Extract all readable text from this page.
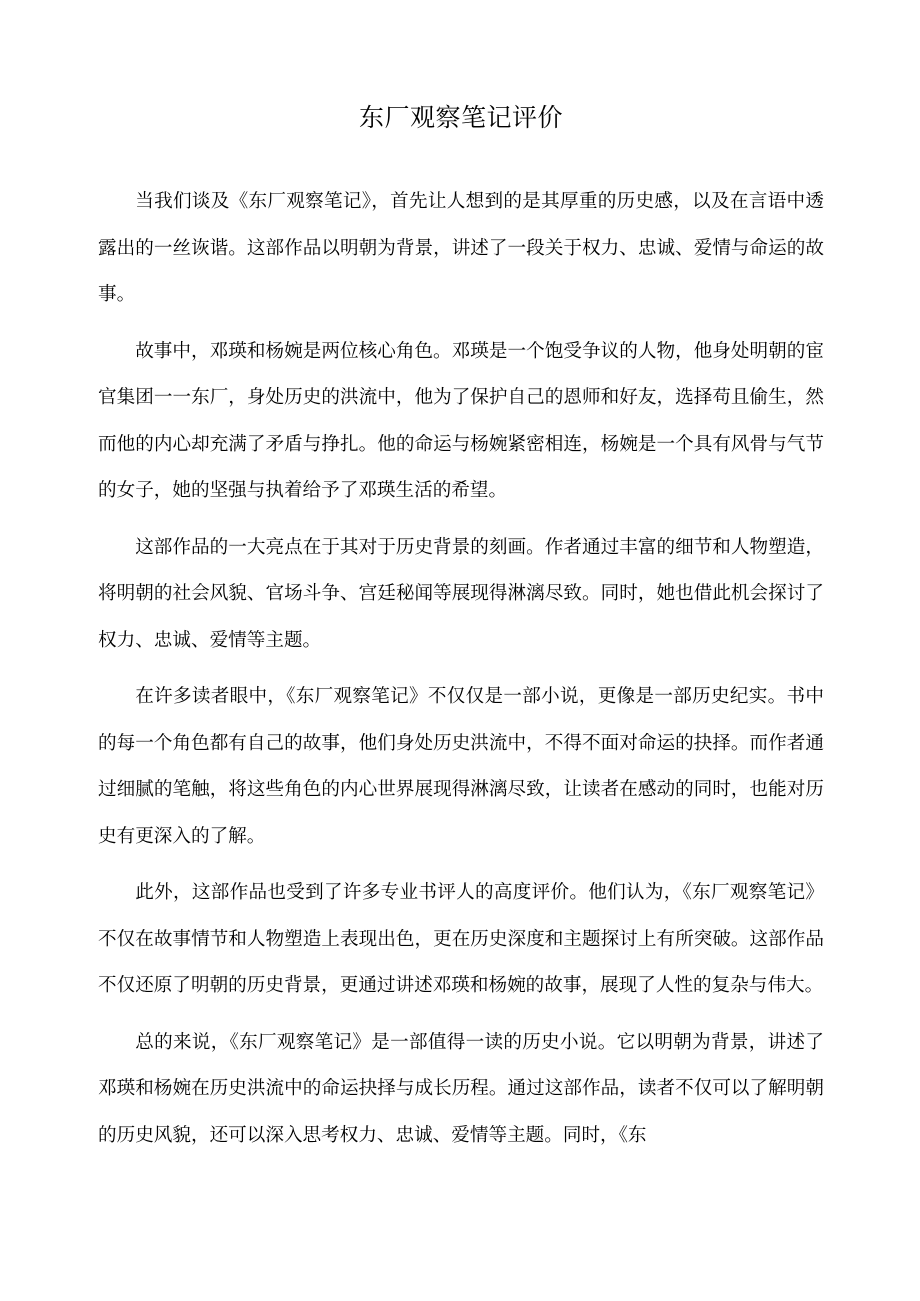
东厂观察笔记评价

当我们谈及《东厂观察笔记》，首先让人想到的是其厚重的历史感，以及在言语中透露出的一丝诙谐。这部作品以明朝为背景，讲述了一段关于权力、忠诚、爱情与命运的故事。

故事中，邓瑛和杨婉是两位核心角色。邓瑛是一个饱受争议的人物，他身处明朝的宦官集团一一东厂，身处历史的洪流中，他为了保护自己的恩师和好友，选择苟且偷生，然而他的内心却充满了矛盾与挣扎。他的命运与杨婉紧密相连，杨婉是一个具有风骨与气节的女子，她的坚强与执着给予了邓瑛生活的希望。

这部作品的一大亮点在于其对于历史背景的刻画。作者通过丰富的细节和人物塑造，将明朝的社会风貌、官场斗争、宫廷秘闻等展现得淋漓尽致。同时，她也借此机会探讨了权力、忠诚、爱情等主题。

在许多读者眼中，《东厂观察笔记》不仅仅是一部小说，更像是一部历史纪实。书中的每一个角色都有自己的故事，他们身处历史洪流中，不得不面对命运的抉择。而作者通过细腻的笔触，将这些角色的内心世界展现得淋漓尽致，让读者在感动的同时，也能对历史有更深入的了解。

此外，这部作品也受到了许多专业书评人的高度评价。他们认为，《东厂观察笔记》不仅在故事情节和人物塑造上表现出色，更在历史深度和主题探讨上有所突破。这部作品不仅还原了明朝的历史背景，更通过讲述邓瑛和杨婉的故事，展现了人性的复杂与伟大。

总的来说，《东厂观察笔记》是一部值得一读的历史小说。它以明朝为背景，讲述了邓瑛和杨婉在历史洪流中的命运抉择与成长历程。通过这部作品，读者不仅可以了解明朝的历史风貌，还可以深入思考权力、忠诚、爱情等主题。同时，《东
